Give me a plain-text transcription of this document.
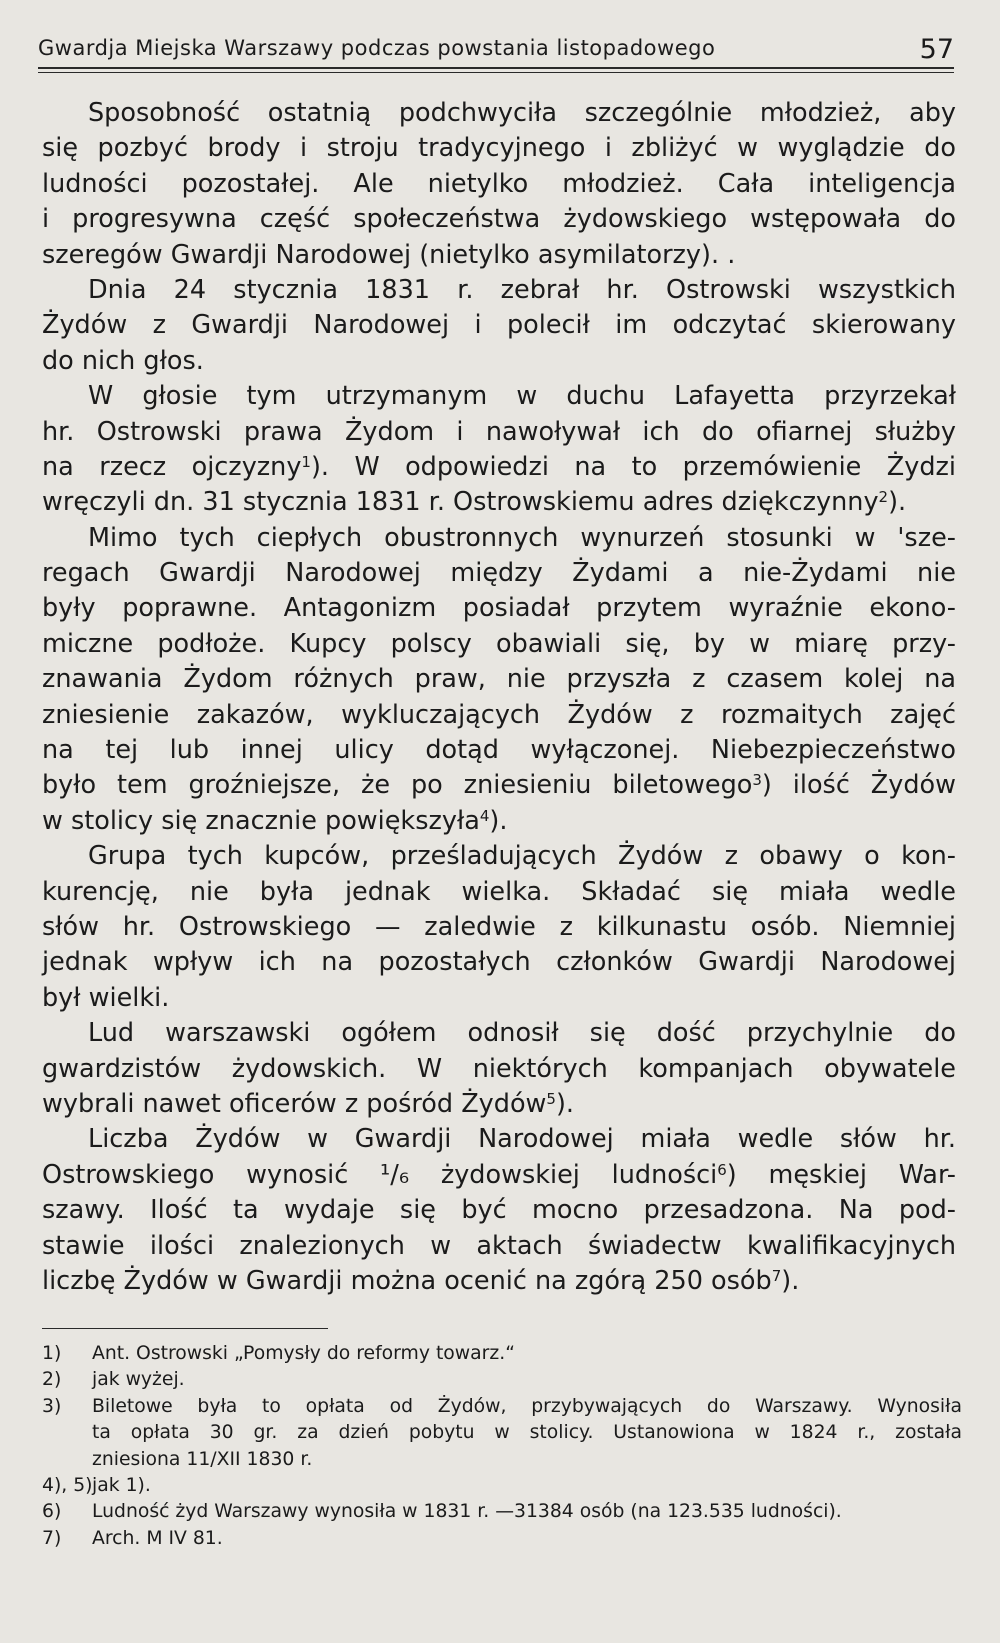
Gwardja Miejska Warszawy podczas powstania listopadowego	57
Sposobność ostatnią podchwyciła szczególnie młodzież, aby
się pozbyć brody i stroju tradycyjnego i zbliżyć w wyglądzie do
ludności pozostałej. Ale nietylko młodzież. Cała inteligencja
i progresywna część społeczeństwa żydowskiego wstępowała do
szeregów Gwardji Narodowej (nietylko asymilatorzy). .
Dnia 24 stycznia 1831 r. zebrał hr. Ostrowski wszystkich
Żydów z Gwardji Narodowej i polecił im odczytać skierowany
do nich głos.
W głosie tym utrzymanym w duchu Lafayetta przyrzekał
hr. Ostrowski prawa Żydom i nawoływał ich do ofiarnej służby
na rzecz ojczyzny$^1$). W odpowiedzi na to przemówienie Żydzi
wręczyli dn. 31 stycznia 1831 r. Ostrowskiemu adres dziękczynny$^2$).
Mimo tych ciepłych obustronnych wynurzeń stosunki w 'sze-
regach Gwardji Narodowej między Żydami a nie-Żydami nie
były poprawne. Antagonizm posiadał przytem wyraźnie ekono-
miczne podłoże. Kupcy polscy obawiali się, by w miarę przy-
znawania Żydom różnych praw, nie przyszła z czasem kolej na
zniesienie zakazów, wykluczających Żydów z rozmaitych zajęć
na tej lub innej ulicy dotąd wyłączonej. Niebezpieczeństwo
było tem groźniejsze, że po zniesieniu biletowego$^3$) ilość Żydów
w stolicy się znacznie powiększyła$^4$).
Grupa tych kupców, prześladujących Żydów z obawy o kon-
kurencję, nie była jednak wielka. Składać się miała wedle
słów hr. Ostrowskiego — zaledwie z kilkunastu osób. Niemniej
jednak wpływ ich na pozostałych członków Gwardji Narodowej
był wielki.
Lud warszawski ogółem odnosił się dość przychylnie do
gwardzistów żydowskich. W niektórych kompanjach obywatele
wybrali nawet oficerów z pośród Żydów$^5$).
Liczba Żydów w Gwardji Narodowej miała wedle słów hr.
Ostrowskiego wynosić ¹/₆ żydowskiej ludności$^6$) męskiej War-
szawy. Ilość ta wydaje się być mocno przesadzona. Na pod-
stawie ilości znalezionych w aktach świadectw kwalifikacyjnych
liczbę Żydów w Gwardji można ocenić na zgórą 250 osób$^7$).
1) Ant. Ostrowski „Pomysły do reformy towarz.“
2) jak wyżej.
3) Biletowe była to opłata od Żydów, przybywających do Warszawy. Wynosiła
ta opłata 30 gr. za dzień pobytu w stolicy. Ustanowiona w 1824 r., została
zniesiona 11/XII 1830 r.
4), 5) jak 1).
6) Ludność żyd Warszawy wynosiła w 1831 r. —31384 osób (na 123.535 ludności).
7) Arch. M IV 81.
